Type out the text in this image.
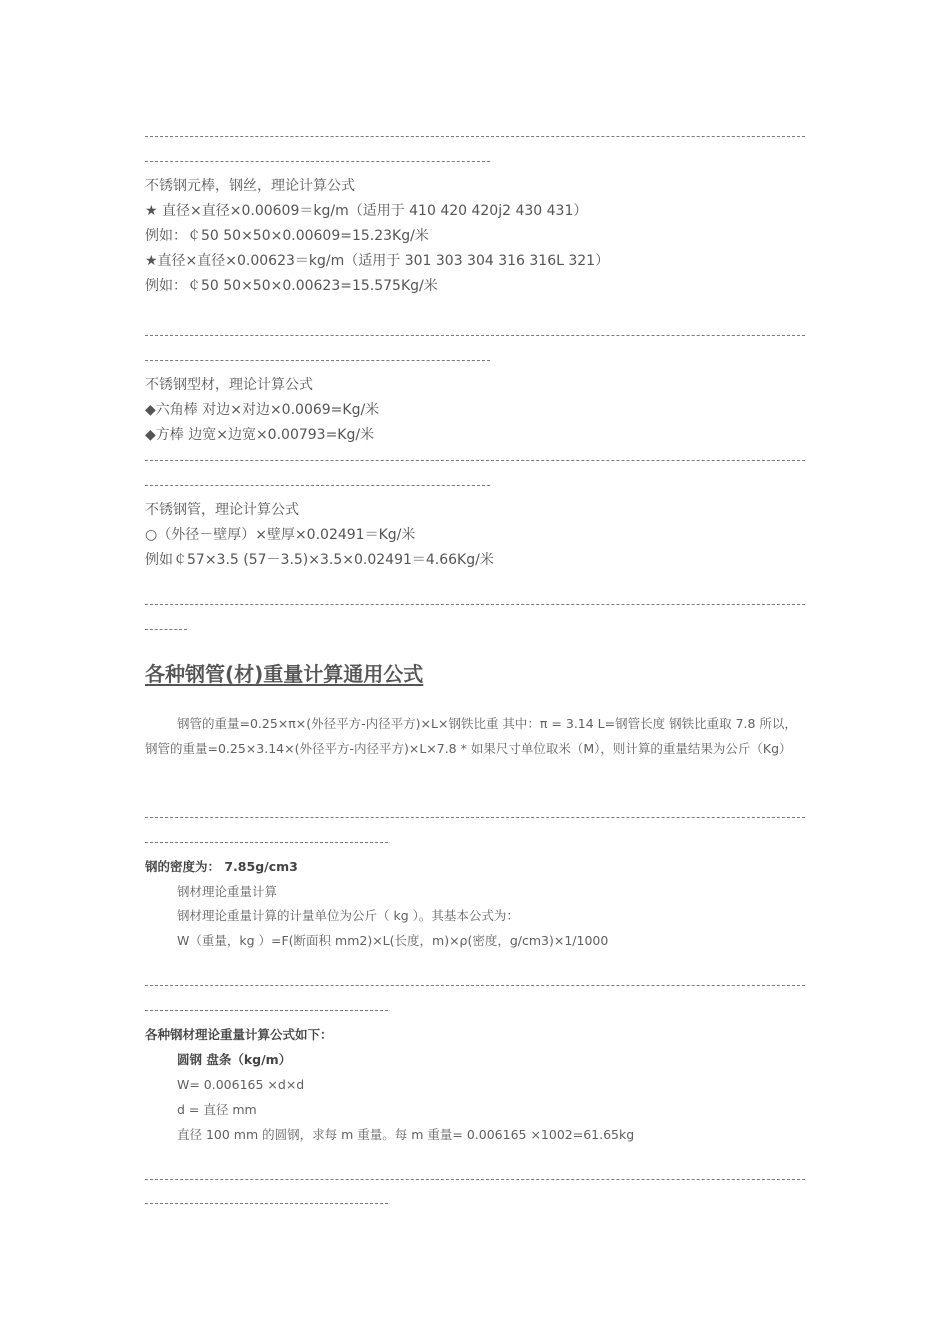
不锈钢元棒，钢丝，理论计算公式
★ 直径×直径×0.00609＝kg/m（适用于 410 420 420j2 430 431）
例如：￠50 50×50×0.00609=15.23Kg/米
★直径×直径×0.00623＝kg/m（适用于 301 303 304 316 316L 321）
例如：￠50 50×50×0.00623=15.575Kg/米
不锈钢型材，理论计算公式
◆六角棒 对边×对边×0.0069=Kg/米
◆方棒 边宽×边宽×0.00793=Kg/米
不锈钢管，理论计算公式
○（外径－壁厚）×壁厚×0.02491＝Kg/米
例如￠57×3.5 (57－3.5)×3.5×0.02491＝4.66Kg/米
各种钢管(材)重量计算通用公式
钢管的重量=0.25×π×(外径平方-内径平方)×L×钢铁比重 其中：π = 3.14 L=钢管长度 钢铁比重取 7.8 所以，钢管的重量=0.25×3.14×(外径平方-内径平方)×L×7.8 * 如果尺寸单位取米（M），则计算的重量结果为公斤（Kg）
钢的密度为： 7.85g/cm3
钢材理论重量计算
钢材理论重量计算的计量单位为公斤（ kg ）。其基本公式为：
W（重量，kg ）=F(断面积 mm2)×L(长度，m)×ρ(密度，g/cm3)×1/1000
各种钢材理论重量计算公式如下：
圆钢 盘条（kg/m）
W= 0.006165 ×d×d
d = 直径 mm
直径 100 mm 的圆钢，求每 m 重量。每 m 重量= 0.006165 ×1002=61.65kg
